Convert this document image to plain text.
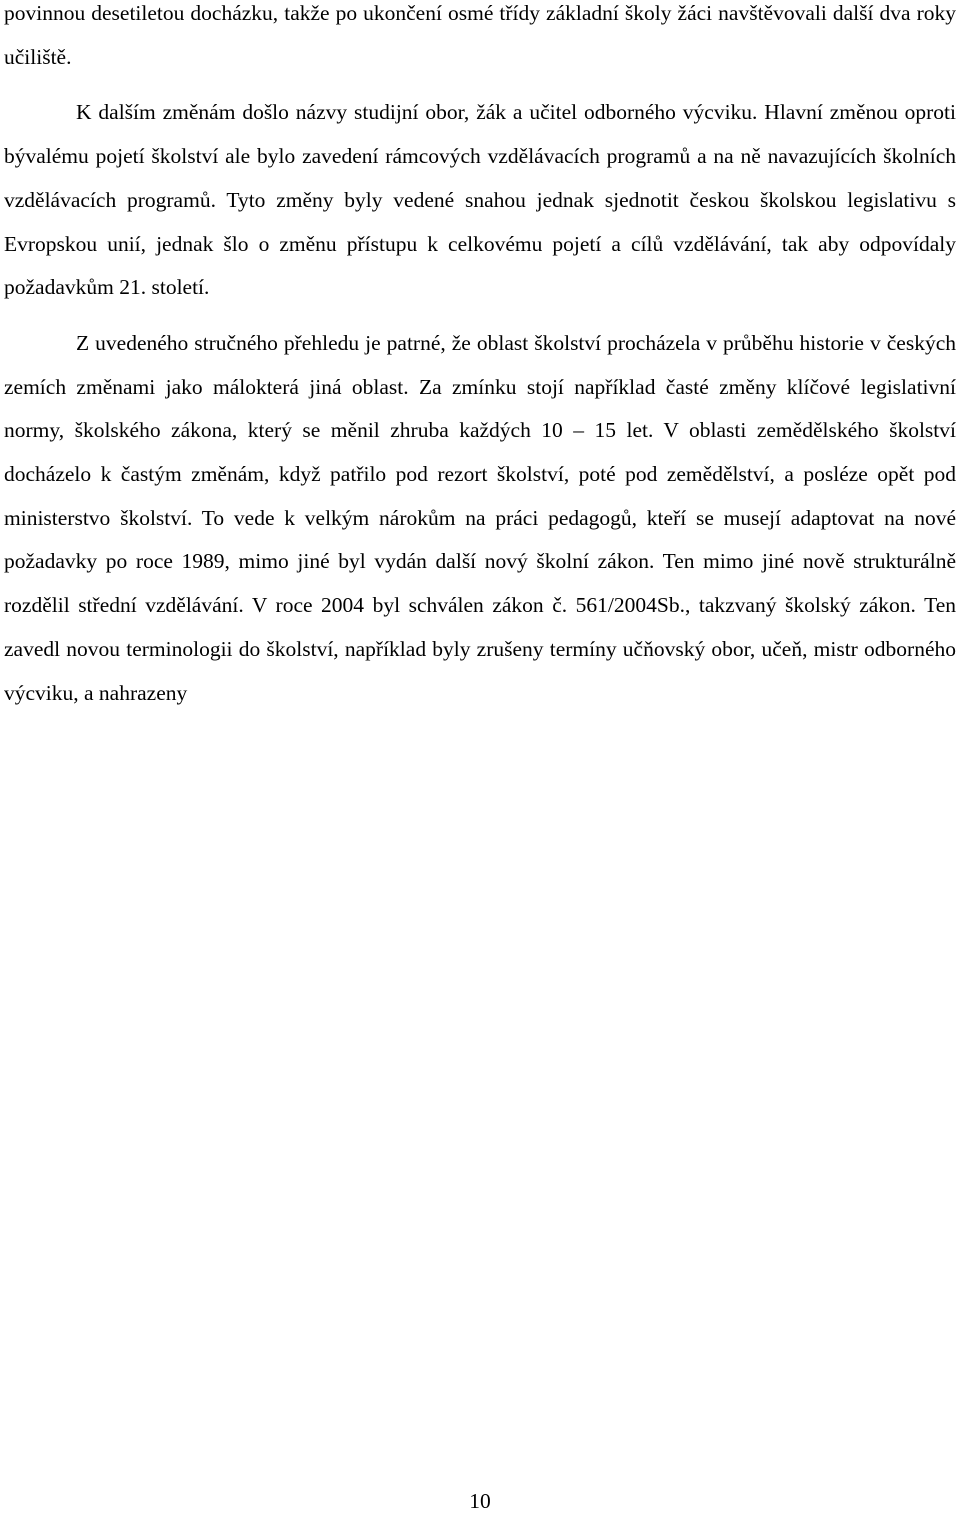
povinnou desetiletou docházku, takže po ukončení osmé třídy základní školy žáci navštěvovali další dva roky učiliště.

K dalším změnám došlo názvy studijní obor, žák a učitel odborného výcviku. Hlavní změnou oproti bývalému pojetí školství ale bylo zavedení rámcových vzdělávacích programů a na ně navazujících školních vzdělávacích programů. Tyto změny byly vedené snahou jednak sjednotit českou školskou legislativu s Evropskou unií, jednak šlo o změnu přístupu k celkovému pojetí a cílů vzdělávání, tak aby odpovídaly požadavkům 21. století.

Z uvedeného stručného přehledu je patrné, že oblast školství procházela v průběhu historie v českých zemích změnami jako málokterá jiná oblast. Za zmínku stojí například časté změny klíčové legislativní normy, školského zákona, který se měnil zhruba každých 10 – 15 let. V oblasti zemědělského školství docházelo k častým změnám, když patřilo pod rezort školství, poté pod zemědělství, a posléze opět pod ministerstvo školství. To vede k velkým nárokům na práci pedagogů, kteří se musejí adaptovat na nové požadavky po roce 1989, mimo jiné byl vydán další nový školní zákon. Ten mimo jiné nově strukturálně rozdělil střední vzdělávání. V roce 2004 byl schválen zákon č. 561/2004Sb., takzvaný školský zákon. Ten zavedl novou terminologii do školství, například byly zrušeny termíny učňovský obor, učeň, mistr odborného výcviku, a nahrazeny

10
